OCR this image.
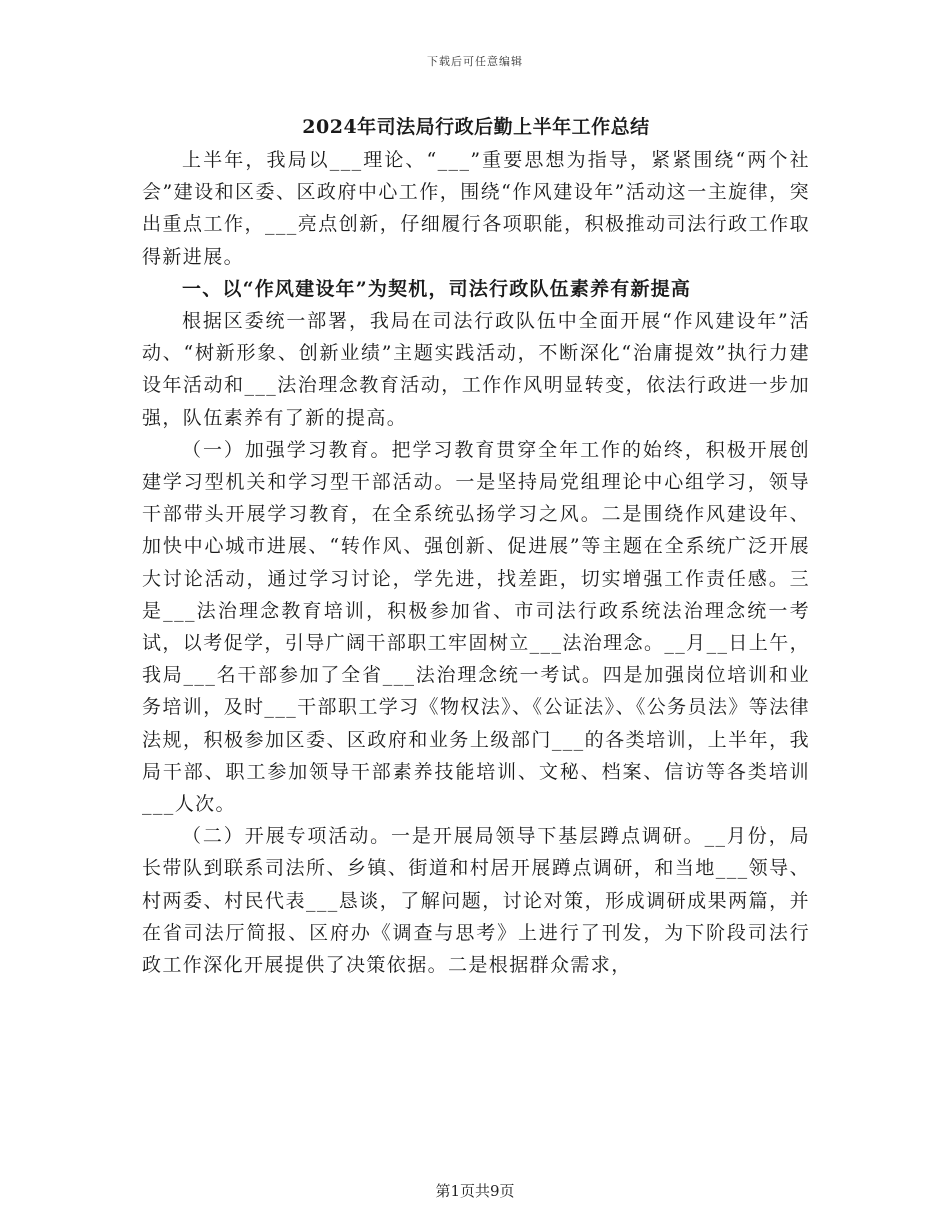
下载后可任意编辑
2024年司法局行政后勤上半年工作总结

上半年，我局以___理论、“___”重要思想为指导，紧紧围绕“两个社会”建设和区委、区政府中心工作，围绕“作风建设年”活动这一主旋律，突出重点工作，___亮点创新，仔细履行各项职能，积极推动司法行政工作取得新进展。

一、以“作风建设年”为契机，司法行政队伍素养有新提高

根据区委统一部署，我局在司法行政队伍中全面开展“作风建设年”活动、“树新形象、创新业绩”主题实践活动，不断深化“治庸提效”执行力建设年活动和___法治理念教育活动，工作作风明显转变，依法行政进一步加强，队伍素养有了新的提高。

（一）加强学习教育。把学习教育贯穿全年工作的始终，积极开展创建学习型机关和学习型干部活动。一是坚持局党组理论中心组学习，领导干部带头开展学习教育，在全系统弘扬学习之风。二是围绕作风建设年、加快中心城市进展、“转作风、强创新、促进展”等主题在全系统广泛开展大讨论活动，通过学习讨论，学先进，找差距，切实增强工作责任感。三是___法治理念教育培训，积极参加省、市司法行政系统法治理念统一考试，以考促学，引导广阔干部职工牢固树立___法治理念。__月__日上午，我局___名干部参加了全省___法治理念统一考试。四是加强岗位培训和业务培训，及时___干部职工学习《物权法》、《公证法》、《公务员法》等法律法规，积极参加区委、区政府和业务上级部门___的各类培训，上半年，我局干部、职工参加领导干部素养技能培训、文秘、档案、信访等各类培训___人次。

（二）开展专项活动。一是开展局领导下基层蹲点调研。__月份，局长带队到联系司法所、乡镇、街道和村居开展蹲点调研，和当地___领导、村两委、村民代表___恳谈，了解问题，讨论对策，形成调研成果两篇，并在省司法厅简报、区府办《调查与思考》上进行了刊发，为下阶段司法行政工作深化开展提供了决策依据。二是根据群众需求，

第1页共9页
